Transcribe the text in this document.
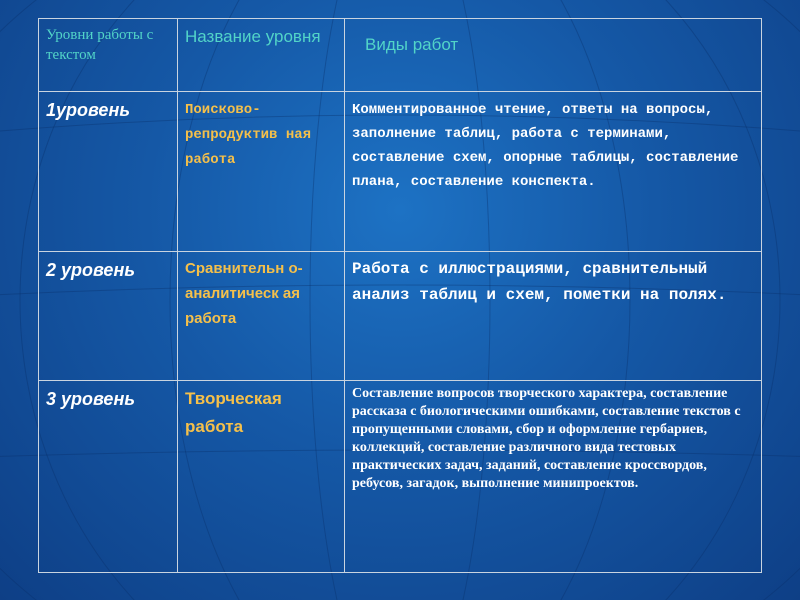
Уровни работы с текстом	Название уровня	Виды работ

1уровень	Поисково-репродуктив ная работа	Комментированное чтение, ответы на вопросы, заполнение таблиц, работа с терминами, составление схем, опорные таблицы, составление плана, составление конспекта.

2 уровень	Сравнительн о-аналитическ ая работа	Работа с иллюстрациями, сравнительный анализ таблиц и схем, пометки на полях.

3 уровень	Творческая работа	Составление вопросов творческого характера, составление рассказа с биологическими ошибками, составление текстов с пропущенными словами, сбор и оформление гербариев, коллекций, составление различного вида тестовых практических задач, заданий, составление кроссвордов, ребусов, загадок, выполнение минипроектов.
